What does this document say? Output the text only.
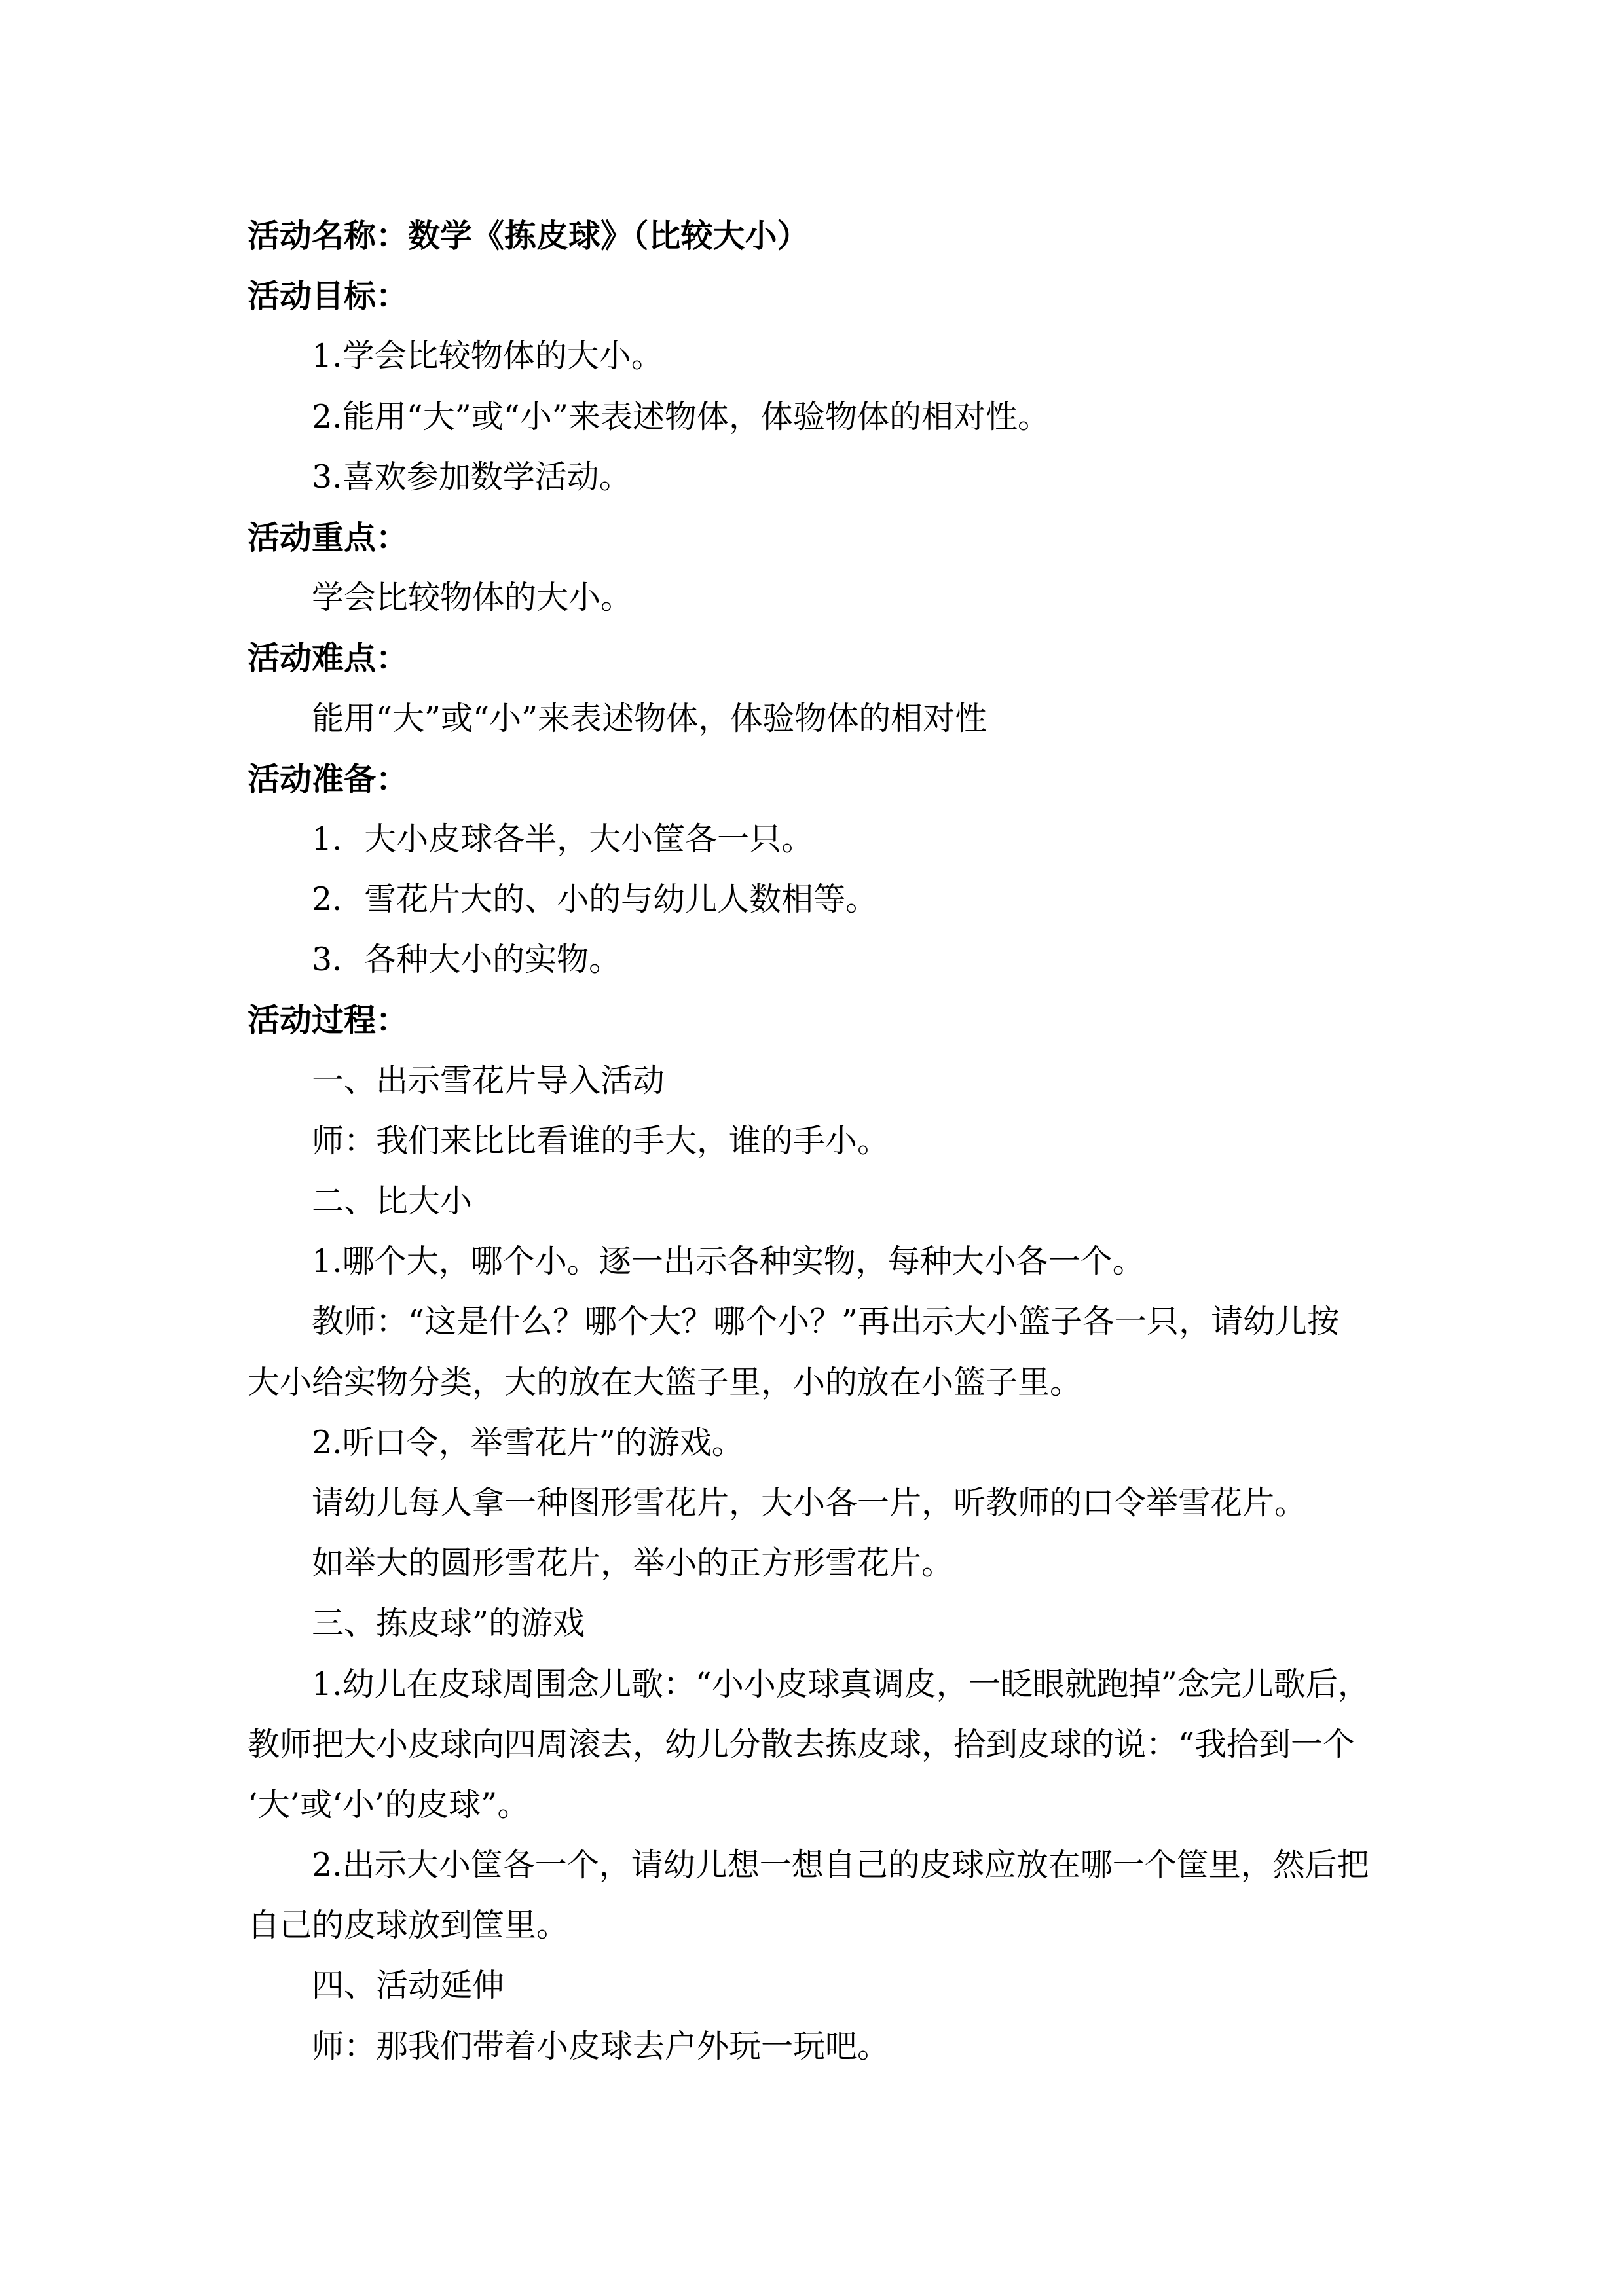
活动名称：数学《拣皮球》（比较大小）
活动目标：
1.学会比较物体的大小。
2.能用“大”或“小”来表述物体，体验物体的相对性。
3.喜欢参加数学活动。
活动重点：
学会比较物体的大小。
活动难点：
能用“大”或“小”来表述物体，体验物体的相对性
活动准备：
1．大小皮球各半，大小筐各一只。
2．雪花片大的、小的与幼儿人数相等。
3．各种大小的实物。
活动过程：
一、出示雪花片导入活动
师：我们来比比看谁的手大，谁的手小。
二、比大小
1.哪个大，哪个小。逐一出示各种实物，每种大小各一个。
教师：“这是什么？哪个大？哪个小？”再出示大小篮子各一只，请幼儿按
大小给实物分类，大的放在大篮子里，小的放在小篮子里。
2.听口令，举雪花片”的游戏。
请幼儿每人拿一种图形雪花片，大小各一片，听教师的口令举雪花片。
如举大的圆形雪花片，举小的正方形雪花片。
三、拣皮球”的游戏
1.幼儿在皮球周围念儿歌：“小小皮球真调皮，一眨眼就跑掉”念完儿歌后，
教师把大小皮球向四周滚去，幼儿分散去拣皮球，拾到皮球的说：“我拾到一个
‘大’或‘小’的皮球”。
2.出示大小筐各一个，请幼儿想一想自己的皮球应放在哪一个筐里，然后把
自己的皮球放到筐里。
四、活动延伸
师：那我们带着小皮球去户外玩一玩吧。
